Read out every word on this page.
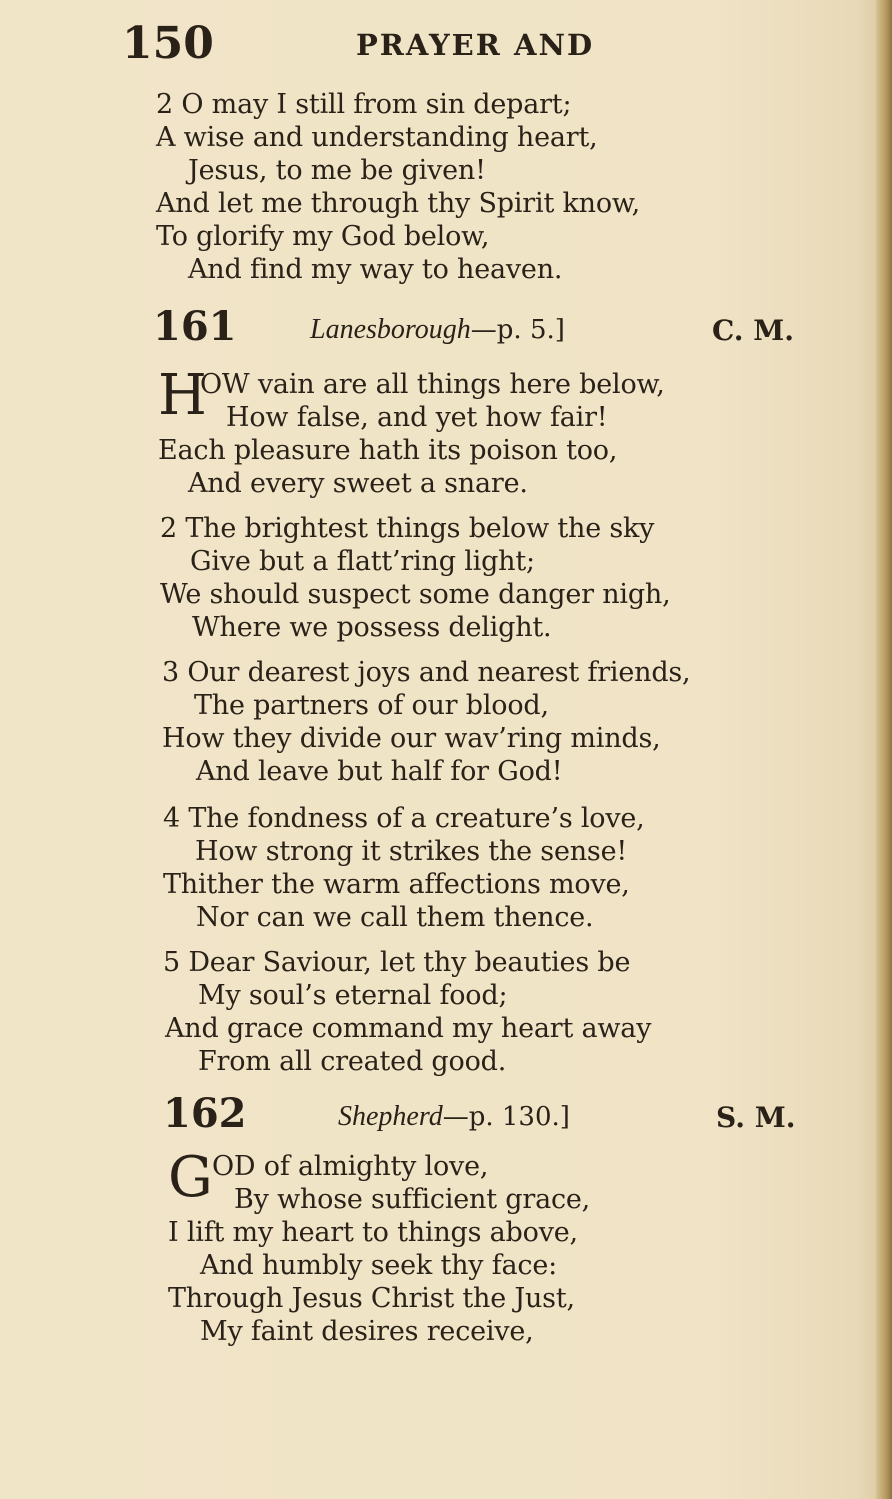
150	PRAYER AND
2 O may I still from sin depart;
A wise and understanding heart,
Jesus, to me be given!
And let me through thy Spirit know,
To glorify my God below,
And find my way to heaven.
161	Lanesborough—p. 5.]	C. M.
H
OW vain are all things here below,
How false, and yet how fair!
Each pleasure hath its poison too,
And every sweet a snare.
2 The brightest things below the sky
Give but a flatt’ring light;
We should suspect some danger nigh,
Where we possess delight.
3 Our dearest joys and nearest friends,
The partners of our blood,
How they divide our wav’ring minds,
And leave but half for God!
4 The fondness of a creature’s love,
How strong it strikes the sense!
Thither the warm affections move,
Nor can we call them thence.
5 Dear Saviour, let thy beauties be
My soul’s eternal food;
And grace command my heart away
From all created good.
162	Shepherd—p. 130.]	S. M.
G OD of almighty love,
By whose sufficient grace,
I lift my heart to things above,
And humbly seek thy face:
Through Jesus Christ the Just,
My faint desires receive,
